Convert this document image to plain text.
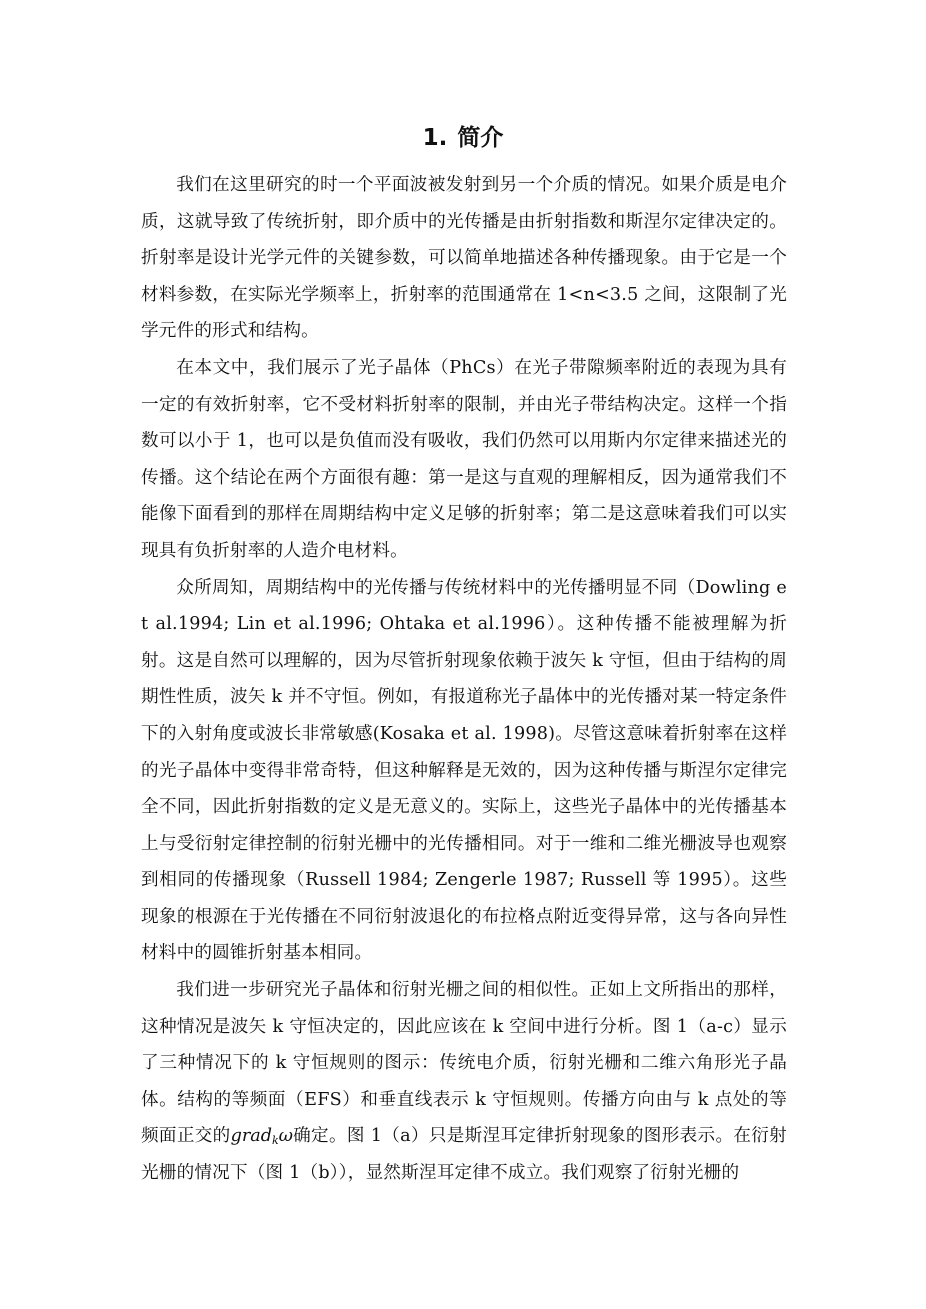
1. 简介

我们在这里研究的时一个平面波被发射到另一个介质的情况。如果介质是电介质，这就导致了传统折射，即介质中的光传播是由折射指数和斯涅尔定律决定的。折射率是设计光学元件的关键参数，可以简单地描述各种传播现象。由于它是一个材料参数，在实际光学频率上，折射率的范围通常在 1<n<3.5 之间，这限制了光学元件的形式和结构。

在本文中，我们展示了光子晶体（PhCs）在光子带隙频率附近的表现为具有一定的有效折射率，它不受材料折射率的限制，并由光子带结构决定。这样一个指数可以小于 1，也可以是负值而没有吸收，我们仍然可以用斯内尔定律来描述光的传播。这个结论在两个方面很有趣：第一是这与直观的理解相反，因为通常我们不能像下面看到的那样在周期结构中定义足够的折射率；第二是这意味着我们可以实现具有负折射率的人造介电材料。

众所周知，周期结构中的光传播与传统材料中的光传播明显不同（Dowling et al.1994; Lin et al.1996; Ohtaka et al.1996）。这种传播不能被理解为折射。这是自然可以理解的，因为尽管折射现象依赖于波矢 k 守恒，但由于结构的周期性性质，波矢 k 并不守恒。例如，有报道称光子晶体中的光传播对某一特定条件下的入射角度或波长非常敏感(Kosaka et al. 1998)。尽管这意味着折射率在这样的光子晶体中变得非常奇特，但这种解释是无效的，因为这种传播与斯涅尔定律完全不同，因此折射指数的定义是无意义的。实际上，这些光子晶体中的光传播基本上与受衍射定律控制的衍射光栅中的光传播相同。对于一维和二维光栅波导也观察到相同的传播现象（Russell 1984; Zengerle 1987; Russell 等 1995）。这些现象的根源在于光传播在不同衍射波退化的布拉格点附近变得异常，这与各向异性材料中的圆锥折射基本相同。

我们进一步研究光子晶体和衍射光栅之间的相似性。正如上文所指出的那样，这种情况是波矢 k 守恒决定的，因此应该在 k 空间中进行分析。图 1（a-c）显示了三种情况下的 k 守恒规则的图示：传统电介质，衍射光栅和二维六角形光子晶体。结构的等频面（EFS）和垂直线表示 k 守恒规则。传播方向由与 k 点处的等频面正交的grad$_k$ω确定。图 1（a）只是斯涅耳定律折射现象的图形表示。在衍射光栅的情况下（图 1（b）），显然斯涅耳定律不成立。我们观察了衍射光栅的
